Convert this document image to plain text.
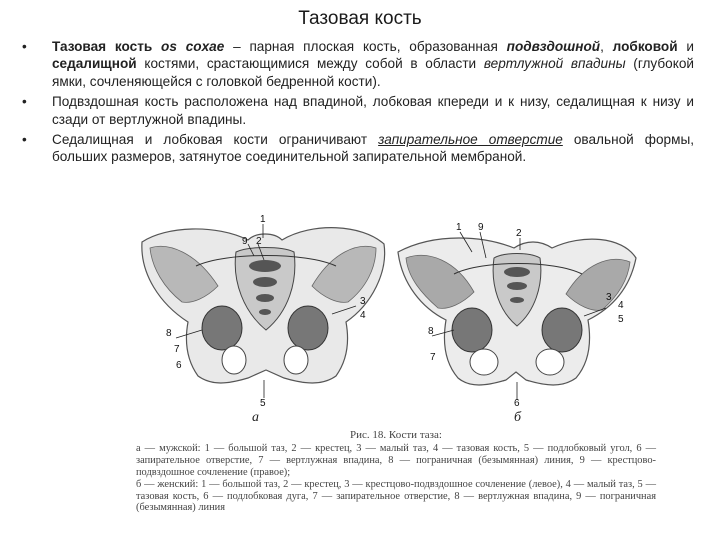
Тазовая кость
• Тазовая кость os coxae – парная плоская кость, образованная подвздошной, лобковой и седалищной костями, срастающимися между собой в области вертлужной впадины (глубокой ямки, сочленяющейся с головкой бедренной кости).
• Подвздошная кость расположена над впадиной, лобковая кпереди и к низу, седалищная к низу и сзади от вертлужной впадины.
• Седалищная и лобковая кости ограничивают запирательное отверстие овальной формы, больших размеров, затянутое соединительной запирательной мембраной.
1
9 2
3
4
8
7
6
5
1 9
2
3
4
5
8
7
6
а	б
Рис. 18. Кости таза:

а — мужской: 1 — большой таз, 2 — крестец, 3 — малый таз, 4 — тазовая кость, 5 — подлобковый угол, 6 — запирательное отверстие, 7 — вертлужная впадина, 8 — пограничная (безымянная) линия, 9 — крестцово-подвздошное сочленение (правое);

б — женский: 1 — большой таз, 2 — крестец, 3 — крестцово-подвздошное сочленение (левое), 4 — малый таз, 5 — тазовая кость, 6 — подлобковая дуга, 7 — запирательное отверстие, 8 — вертлужная впадина, 9 — пограничная (безымянная) линия
